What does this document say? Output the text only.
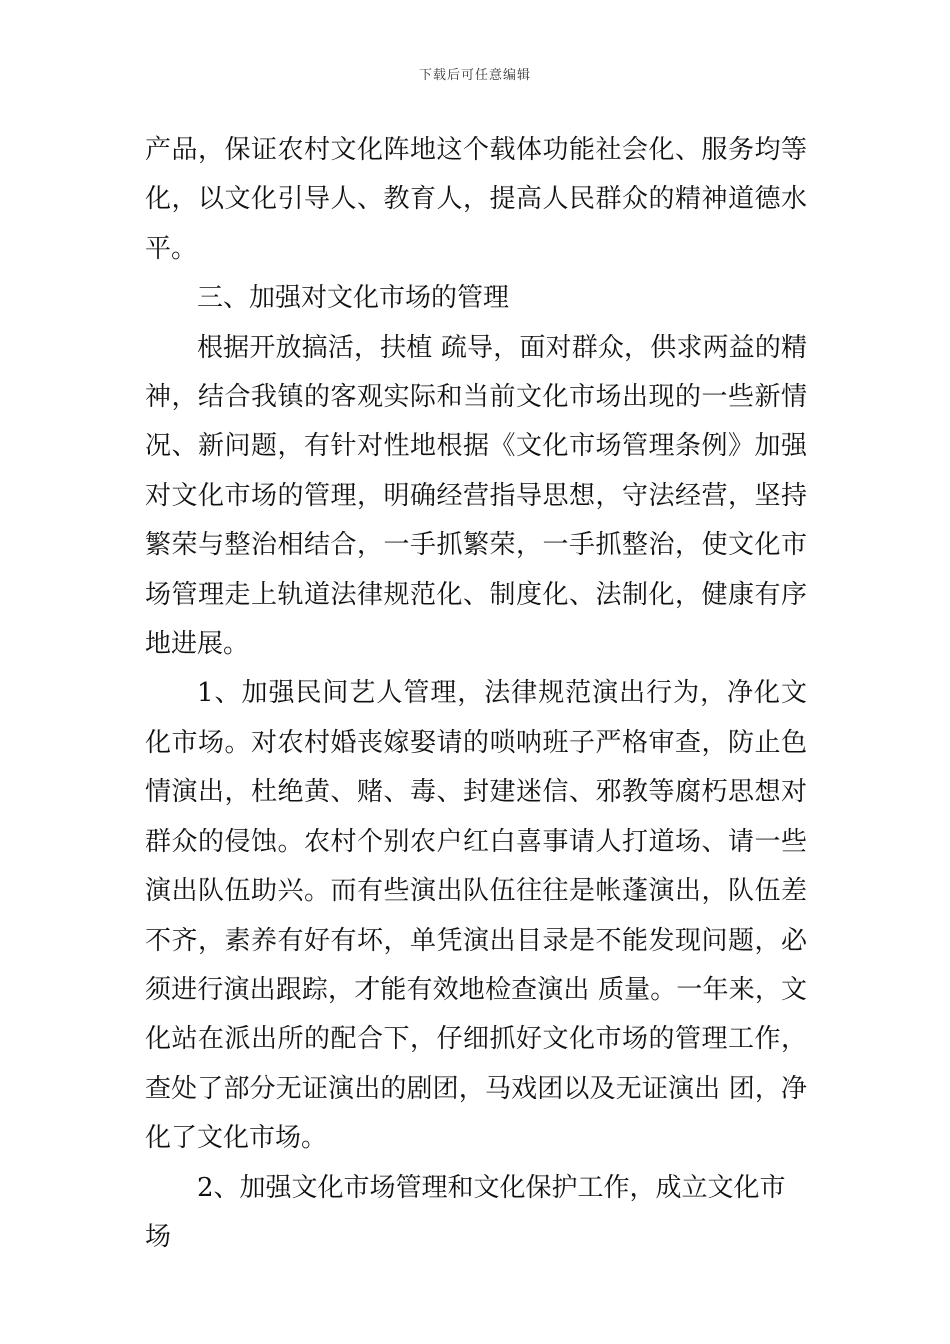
下载后可任意编辑

产品，保证农村文化阵地这个载体功能社会化、服务均等化，以文化引导人、教育人，提高人民群众的精神道德水平。

三、加强对文化市场的管理

根据开放搞活，扶植 疏导，面对群众，供求两益的精神，结合我镇的客观实际和当前文化市场出现的一些新情况、新问题，有针对性地根据《文化市场管理条例》加强对文化市场的管理，明确经营指导思想，守法经营，坚持繁荣与整治相结合，一手抓繁荣，一手抓整治，使文化市场管理走上轨道法律规范化、制度化、法制化，健康有序地进展。

1、加强民间艺人管理，法律规范演出行为，净化文化市场。对农村婚丧嫁娶请的唢呐班子严格审查，防止色情演出，杜绝黄、赌、毒、封建迷信、邪教等腐朽思想对群众的侵蚀。农村个别农户红白喜事请人打道场、请一些演出队伍助兴。而有些演出队伍往往是帐蓬演出，队伍差不齐，素养有好有坏，单凭演出目录是不能发现问题，必须进行演出跟踪，才能有效地检查演出 质量。一年来，文化站在派出所的配合下，仔细抓好文化市场的管理工作，查处了部分无证演出的剧团，马戏团以及无证演出 团，净化了文化市场。

2、加强文化市场管理和文化保护工作，成立文化市场
